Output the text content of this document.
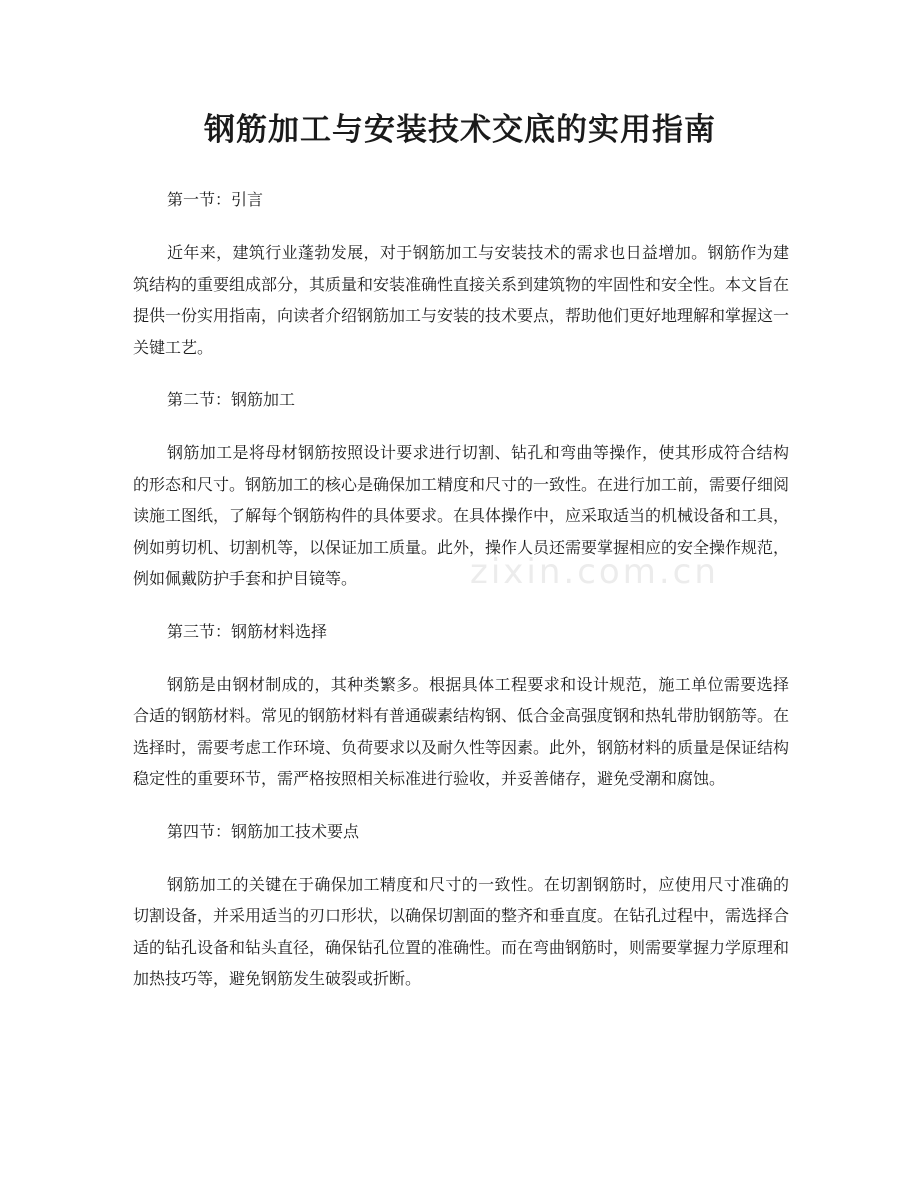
钢筋加工与安装技术交底的实用指南

第一节：引言

近年来，建筑行业蓬勃发展，对于钢筋加工与安装技术的需求也日益增加。钢筋作为建筑结构的重要组成部分，其质量和安装准确性直接关系到建筑物的牢固性和安全性。本文旨在提供一份实用指南，向读者介绍钢筋加工与安装的技术要点，帮助他们更好地理解和掌握这一关键工艺。

第二节：钢筋加工

钢筋加工是将母材钢筋按照设计要求进行切割、钻孔和弯曲等操作，使其形成符合结构的形态和尺寸。钢筋加工的核心是确保加工精度和尺寸的一致性。在进行加工前，需要仔细阅读施工图纸，了解每个钢筋构件的具体要求。在具体操作中，应采取适当的机械设备和工具，例如剪切机、切割机等，以保证加工质量。此外，操作人员还需要掌握相应的安全操作规范，例如佩戴防护手套和护目镜等。

第三节：钢筋材料选择

钢筋是由钢材制成的，其种类繁多。根据具体工程要求和设计规范，施工单位需要选择合适的钢筋材料。常见的钢筋材料有普通碳素结构钢、低合金高强度钢和热轧带肋钢筋等。在选择时，需要考虑工作环境、负荷要求以及耐久性等因素。此外，钢筋材料的质量是保证结构稳定性的重要环节，需严格按照相关标准进行验收，并妥善储存，避免受潮和腐蚀。

第四节：钢筋加工技术要点

钢筋加工的关键在于确保加工精度和尺寸的一致性。在切割钢筋时，应使用尺寸准确的切割设备，并采用适当的刃口形状，以确保切割面的整齐和垂直度。在钻孔过程中，需选择合适的钻孔设备和钻头直径，确保钻孔位置的准确性。而在弯曲钢筋时，则需要掌握力学原理和加热技巧等，避免钢筋发生破裂或折断。

zixin.com.cn
